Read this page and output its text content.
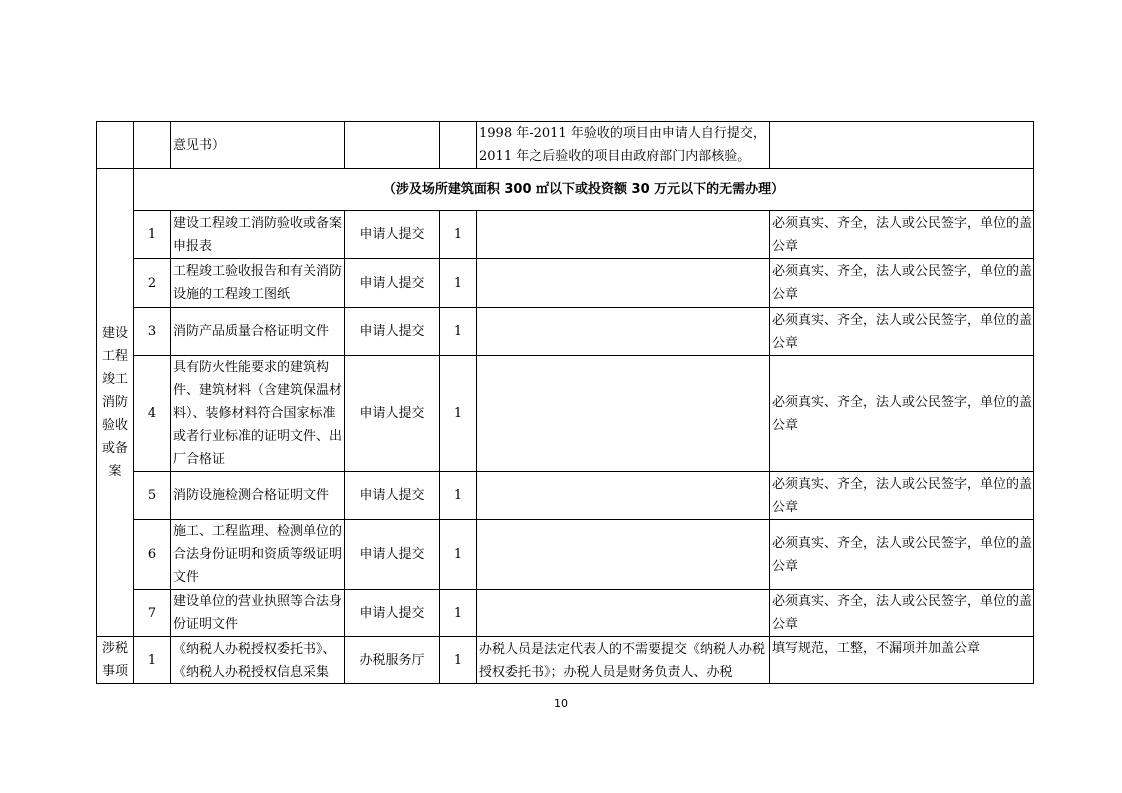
		意见书）			1998 年-2011 年验收的项目由申请人自行提交，2011 年之后验收的项目由政府部门内部核验。	
建设工程竣工消防验收或备案	（涉及场所建筑面积 300 ㎡以下或投资额 30 万元以下的无需办理）					
	1	建设工程竣工消防验收或备案申报表	申请人提交	1		必须真实、齐全，法人或公民签字，单位的盖公章
	2	工程竣工验收报告和有关消防设施的工程竣工图纸	申请人提交	1		必须真实、齐全，法人或公民签字，单位的盖公章
	3	消防产品质量合格证明文件	申请人提交	1		必须真实、齐全，法人或公民签字，单位的盖公章
	4	具有防火性能要求的建筑构件、建筑材料（含建筑保温材料）、装修材料符合国家标准或者行业标准的证明文件、出厂合格证	申请人提交	1		必须真实、齐全，法人或公民签字，单位的盖公章
	5	消防设施检测合格证明文件	申请人提交	1		必须真实、齐全，法人或公民签字，单位的盖公章
	6	施工、工程监理、检测单位的合法身份证明和资质等级证明文件	申请人提交	1		必须真实、齐全，法人或公民签字，单位的盖公章
	7	建设单位的营业执照等合法身份证明文件	申请人提交	1		必须真实、齐全，法人或公民签字，单位的盖公章
涉税事项	1	《纳税人办税授权委托书》、《纳税人办税授权信息采集	办税服务厅	1	办税人员是法定代表人的不需要提交《纳税人办税授权委托书》；办税人员是财务负责人、办税	填写规范，工整，不漏项并加盖公章
10
